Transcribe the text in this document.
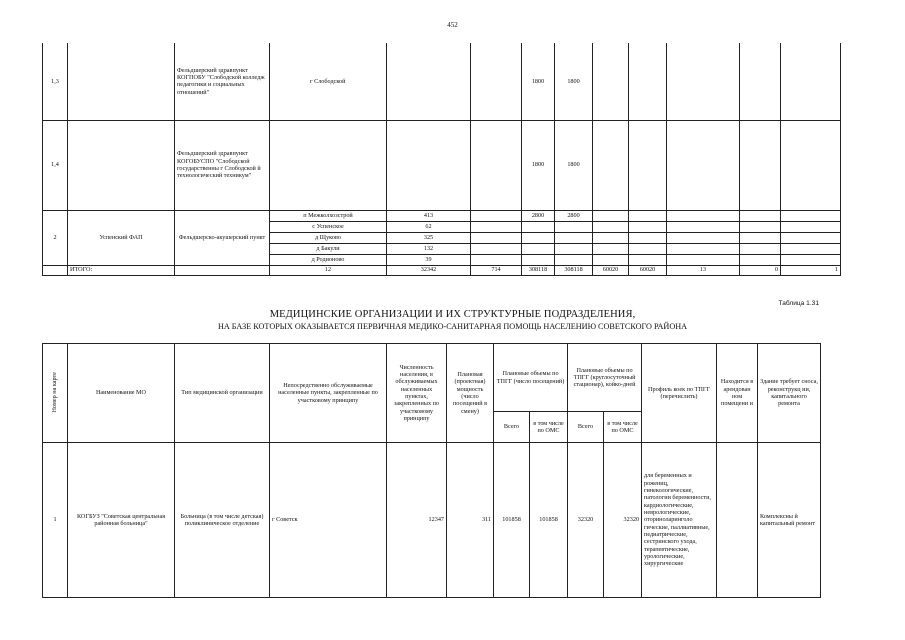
452
1,3		Фельдшерский здравпункт КОГПОБУ "Слободской колледж педагогики и социальных отношений"	г Слободской			1800	1800					
1,4		Фельдшерский здравпункт КОГОБУСПО "Слободской государственны г Слободской й технологический техникум"				1800	1800					
2	Успенский ФАП	Фельдшерско-акушерский пункт	п Межколхозстрой	413		2800	2800					
			с Успенское	62								
			д Щуково	325								
			д Бакули	132								
			д Родионово	39								
	ИТОГО:		12	32342	714	308118	308118	60020	60020	13	0	1
Таблица 1.31
МЕДИЦИНСКИЕ ОРГАНИЗАЦИИ И ИХ СТРУКТУРНЫЕ ПОДРАЗДЕЛЕНИЯ,
НА БАЗЕ КОТОРЫХ ОКАЗЫВАЕТСЯ ПЕРВИЧНАЯ МЕДИКО-САНИТАРНАЯ ПОМОЩЬ НАСЕЛЕНИЮ СОВЕТСКОГО РАЙОНА
Номер на карте	Наименование МО	Тип медицинской организации	Непосредственно обслуживаемые населенные пункты, закрепленные по участковому принципу	Численность населения, в обслуживаемых населенных пунктах, закрепленных по участковому принципу	Плановая (проектная) мощность (число посещений в смену)	Плановые объемы по ТПГГ (число посещений)		Плановые объемы по ТПГГ (круглосуточный стационар), койко-дней		Профиль коек по ТПГГ (перечислить)	Находится в арендован ном помещени и	Здание требует сноса, реконструкц ии, капитального ремонта
						Всего	в том числе по ОМС	Всего	в том числе по ОМС			
1	КОГБУЗ "Советская центральная районная больница"	Больница (в том числе детская) поликлиническое отделение	г Советск	12347	311	101858	101858	32320	32320	для беременных и рожениц, гинекологические, патологии беременности, кардиологические, неврологические, оториноларинголо гические, паллиативные, педиатрические, сестринского ухода, терапевтические, урологические, хирургические		Комплексны й капитальный ремонт
